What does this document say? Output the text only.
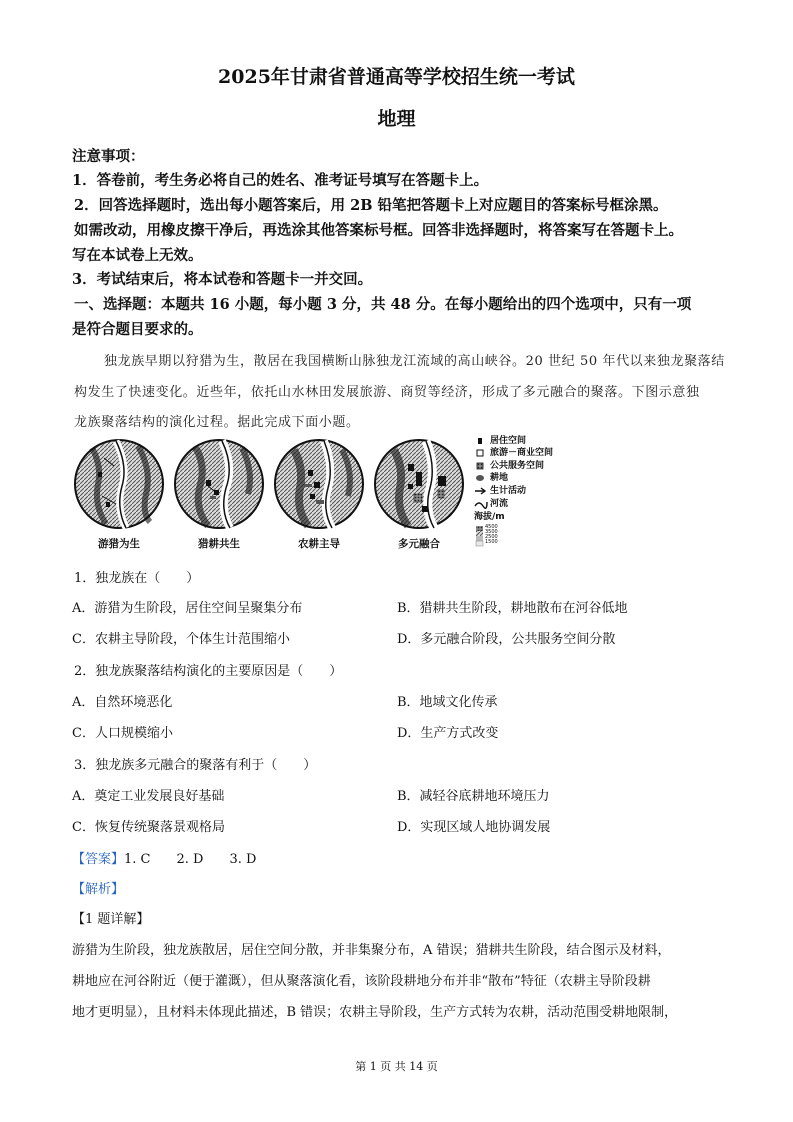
2025年甘肃省普通高等学校招生统一考试
地理
注意事项：
1．答卷前，考生务必将自己的姓名、准考证号填写在答题卡上。
2．回答选择题时，选出每小题答案后，用 2B 铅笔把答题卡上对应题目的答案标号框涂黑。
如需改动，用橡皮擦干净后，再选涂其他答案标号框。回答非选择题时，将答案写在答题卡上。
写在本试卷上无效。
3．考试结束后，将本试卷和答题卡一并交回。
一、选择题：本题共 16 小题，每小题 3 分，共 48 分。在每小题给出的四个选项中，只有一项
是符合题目要求的。
独龙族早期以狩猎为生，散居在我国横断山脉独龙江流域的高山峡谷。20 世纪 50 年代以来独龙聚落结
构发生了快速变化。近些年，依托山水林田发展旅游、商贸等经济，形成了多元融合的聚落。下图示意独
龙族聚落结构的演化过程。据此完成下面小题。
游猎为生	猎耕共生	农耕主导	多元融合
居住空间
旅游－商业空间
公共服务空间
耕地
生计活动
河流
海拔/m
4500
3500
2500
1500
1．独龙族在（　　）
A．游猎为生阶段，居住空间呈聚集分布	B．猎耕共生阶段，耕地散布在河谷低地
C．农耕主导阶段，个体生计范围缩小	D．多元融合阶段，公共服务空间分散
2．独龙族聚落结构演化的主要原因是（　　）
A．自然环境恶化	B．地域文化传承
C．人口规模缩小	D．生产方式改变
3．独龙族多元融合的聚落有利于（　　）
A．奠定工业发展良好基础	B．减轻谷底耕地环境压力
C．恢复传统聚落景观格局	D．实现区域人地协调发展
【答案】1. C　　2. D　　3. D
【解析】
【1 题详解】
游猎为生阶段，独龙族散居，居住空间分散，并非集聚分布，A 错误；猎耕共生阶段，结合图示及材料，
耕地应在河谷附近（便于灌溉），但从聚落演化看，该阶段耕地分布并非“散布”特征（农耕主导阶段耕
地才更明显），且材料未体现此描述，B 错误；农耕主导阶段，生产方式转为农耕，活动范围受耕地限制，
第 1 页 共 14 页
